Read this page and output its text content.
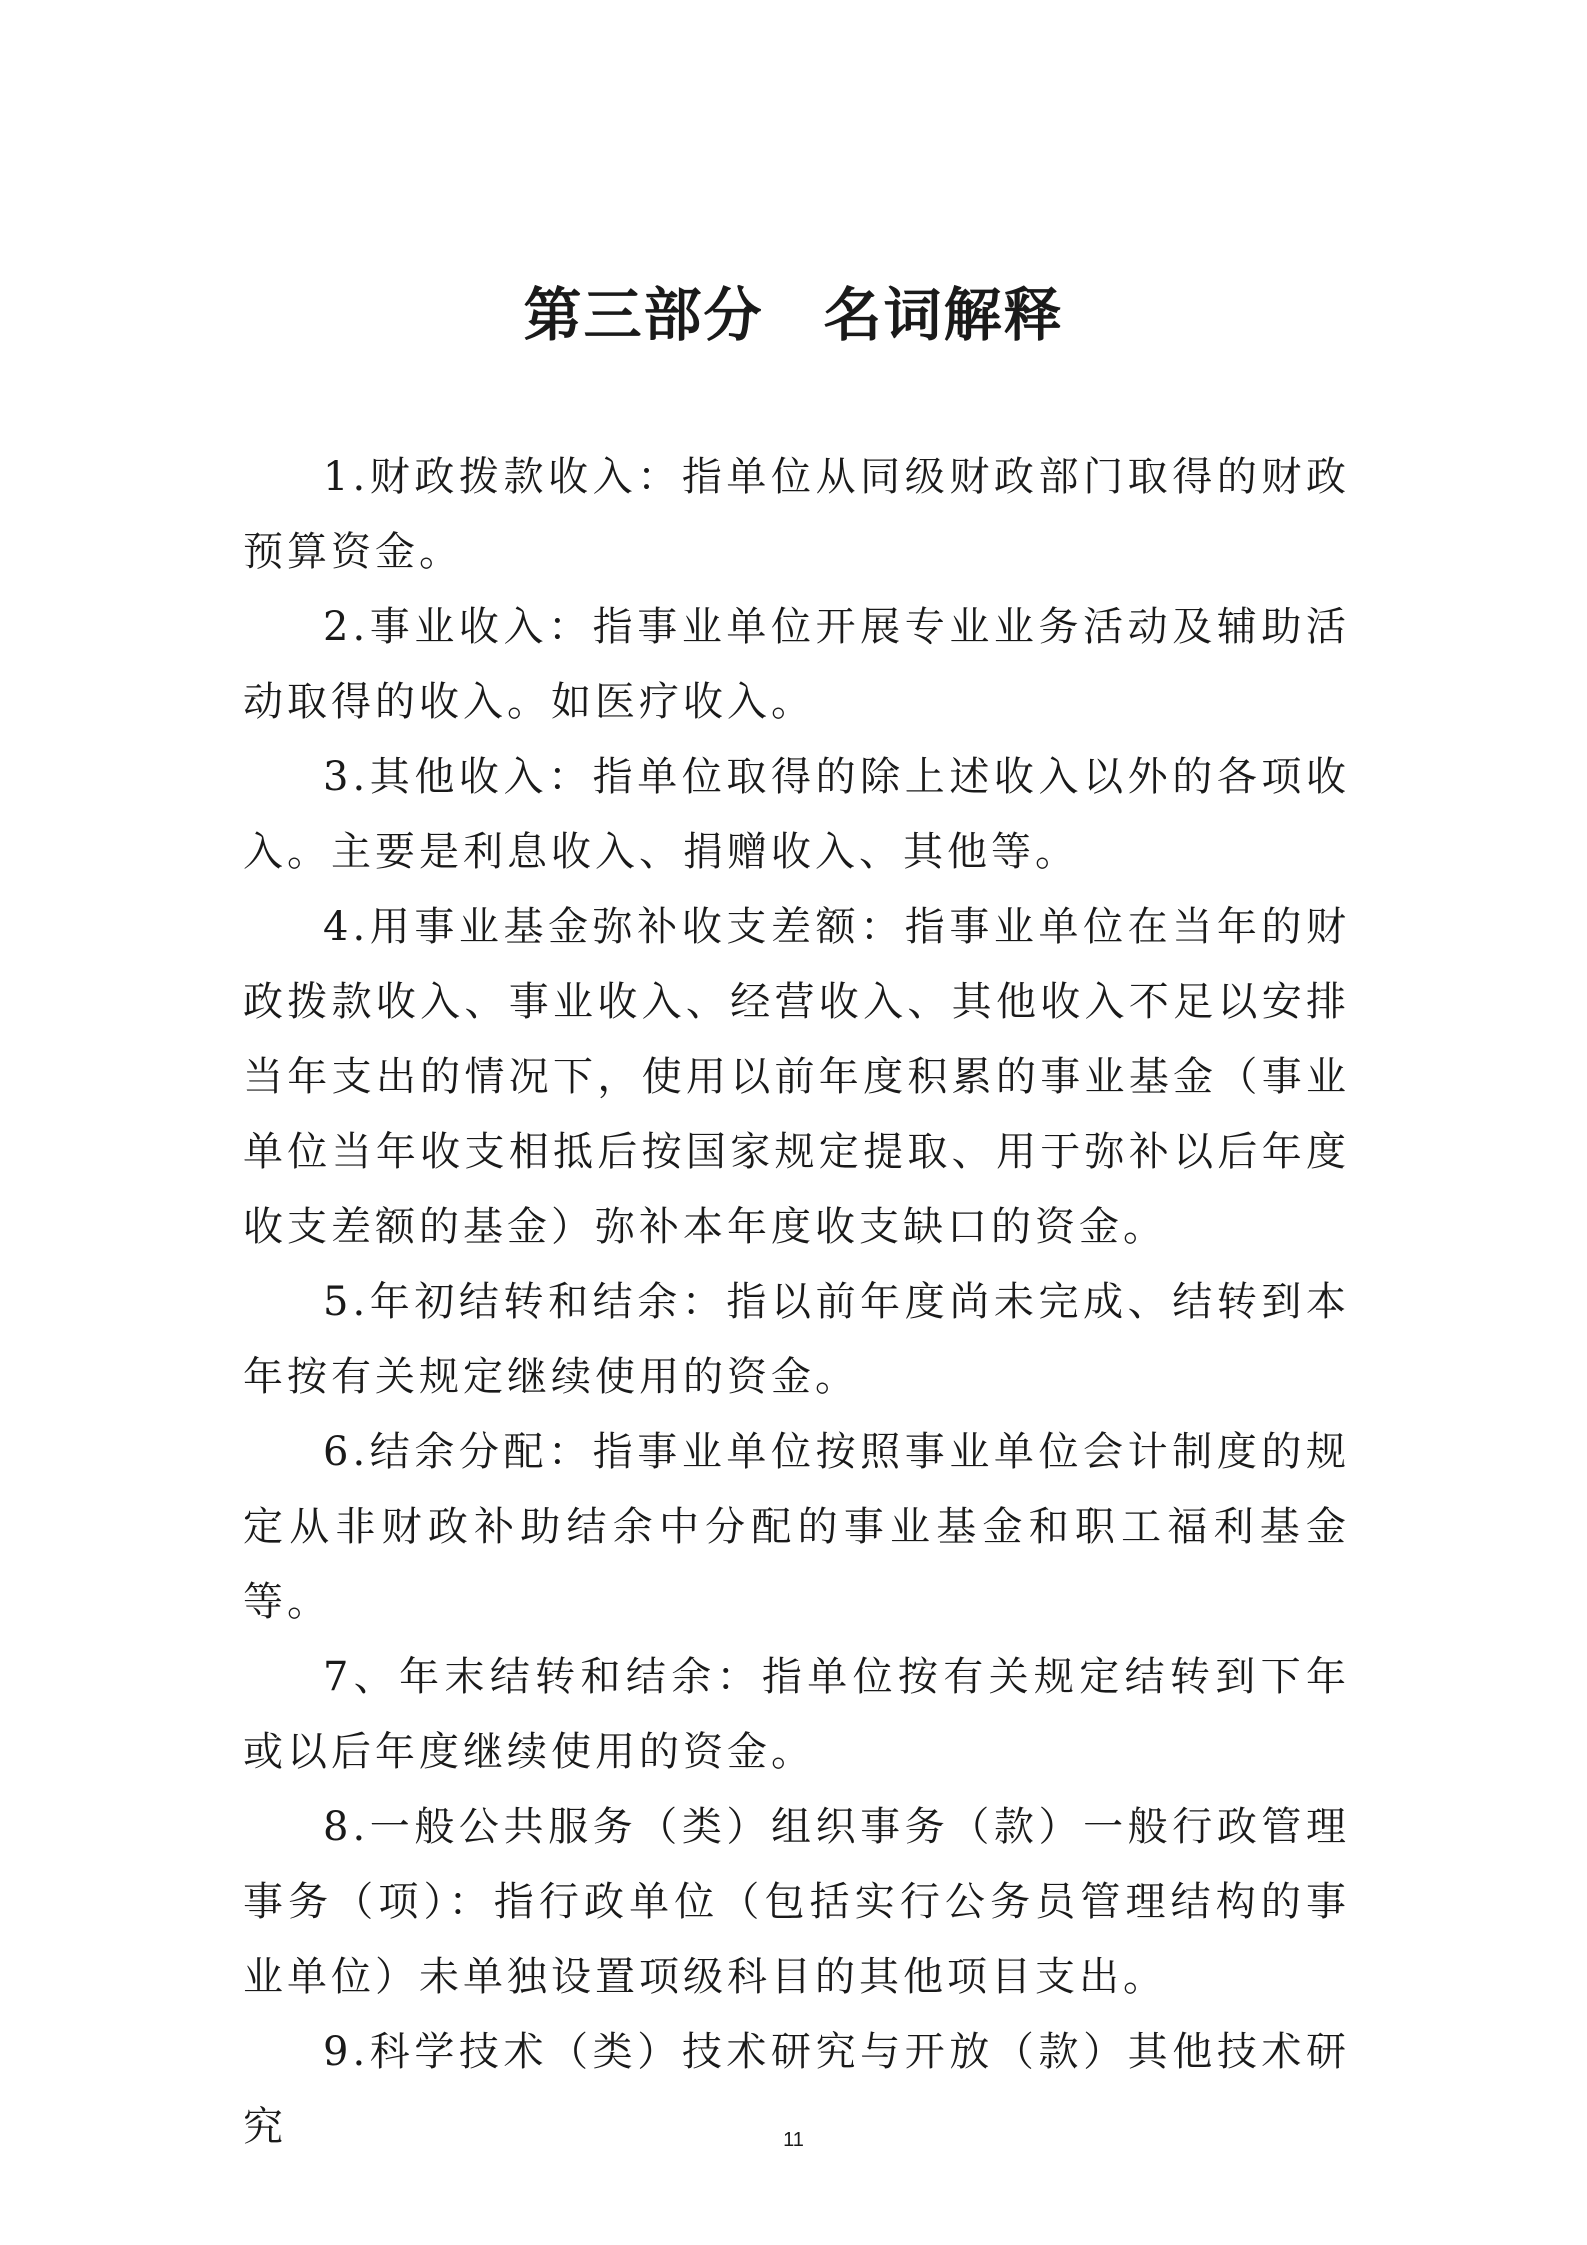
第三部分　名词解释

1.财政拨款收入：指单位从同级财政部门取得的财政预算资金。

2.事业收入：指事业单位开展专业业务活动及辅助活动取得的收入。如医疗收入。

3.其他收入：指单位取得的除上述收入以外的各项收入。主要是利息收入、捐赠收入、其他等。

4.用事业基金弥补收支差额：指事业单位在当年的财政拨款收入、事业收入、经营收入、其他收入不足以安排当年支出的情况下，使用以前年度积累的事业基金（事业单位当年收支相抵后按国家规定提取、用于弥补以后年度收支差额的基金）弥补本年度收支缺口的资金。

5.年初结转和结余：指以前年度尚未完成、结转到本年按有关规定继续使用的资金。

6.结余分配：指事业单位按照事业单位会计制度的规定从非财政补助结余中分配的事业基金和职工福利基金等。

7、年末结转和结余：指单位按有关规定结转到下年或以后年度继续使用的资金。

8.一般公共服务（类）组织事务（款）一般行政管理事务（项）：指行政单位（包括实行公务员管理结构的事业单位）未单独设置项级科目的其他项目支出。

9.科学技术（类）技术研究与开放（款）其他技术研究	11
